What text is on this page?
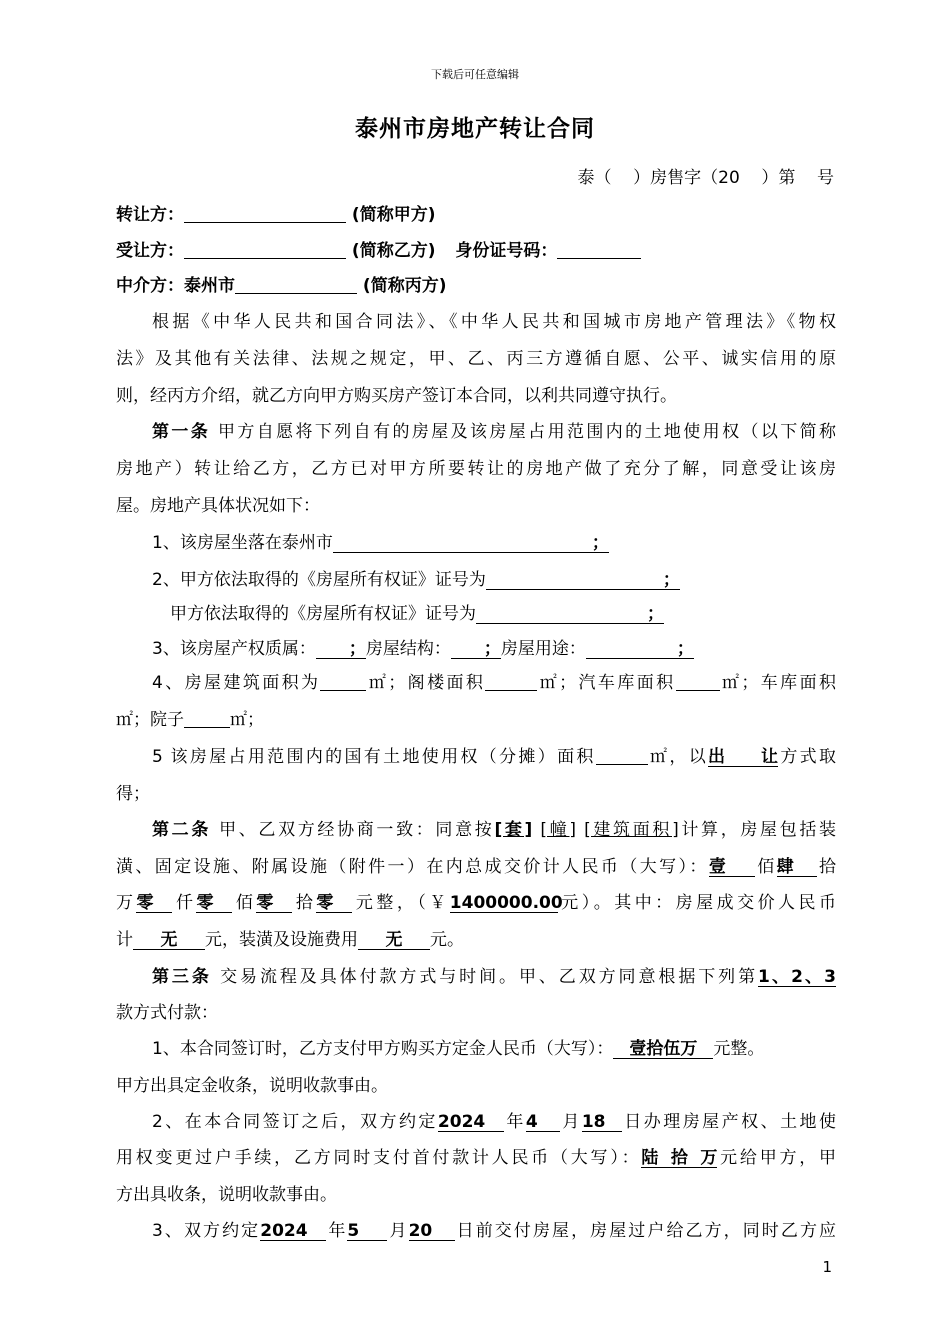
下载后可任意编辑
泰州市房地产转让合同
泰（    ）房售字（20    ）第    号
转让方：	(简称甲方)
受让方：	(简称乙方) 身份证号码：
中介方：泰州市	(简称丙方)
根据《中华人民共和国合同法》、《中华人民共和国城市房地产管理法》《物权
法》及其他有关法律、法规之规定，甲、乙、丙三方遵循自愿、公平、诚实信用的原
则，经丙方介绍，就乙方向甲方购买房产签订本合同，以利共同遵守执行。
第一条 甲方自愿将下列自有的房屋及该房屋占用范围内的土地使用权（以下简称
房地产）转让给乙方，乙方已对甲方所要转让的房地产做了充分了解，同意受让该房
屋。房地产具体状况如下：
1、该房屋坐落在泰州市	；
2、甲方依法取得的《房屋所有权证》证号为	；
甲方依法取得的《房屋所有权证》证号为	；
3、该房屋产权质属： ；房屋结构： ；房屋用途：	；
4、房屋建筑面积为	㎡；阁楼面积	㎡；汽车库面积	㎡；车库面积
㎡；院子	㎡；
5 该房屋占用范围内的国有土地使用权（分摊）面积	㎡，以出让方式取
得；
第二条 甲、乙双方经协商一致：同意按[套] [幢] [建筑面积]计算，房屋包括装
潢、固定设施、附属设施（附件一）在内总成交价计人民币（大写）：壹 佰肆 拾
万零 仟零 佰零 拾零 元整，（￥1400000.00元）。其中：房屋成交价人民币
计 无 元，装潢及设施费用 无 元。
第三条 交易流程及具体付款方式与时间。甲、乙双方同意根据下列第1、2、3
款方式付款：
1、本合同签订时，乙方支付甲方购买方定金人民币（大写）： 壹拾伍万 元整。
甲方出具定金收条，说明收款事由。
2、在本合同签订之后，双方约定2024 年4 月18 日办理房屋产权、土地使
用权变更过户手续，乙方同时支付首付款计人民币（大写）：陆拾万元给甲方，甲
方出具收条，说明收款事由。
3、双方约定2024 年5 月20 日前交付房屋，房屋过户给乙方，同时乙方应
1
